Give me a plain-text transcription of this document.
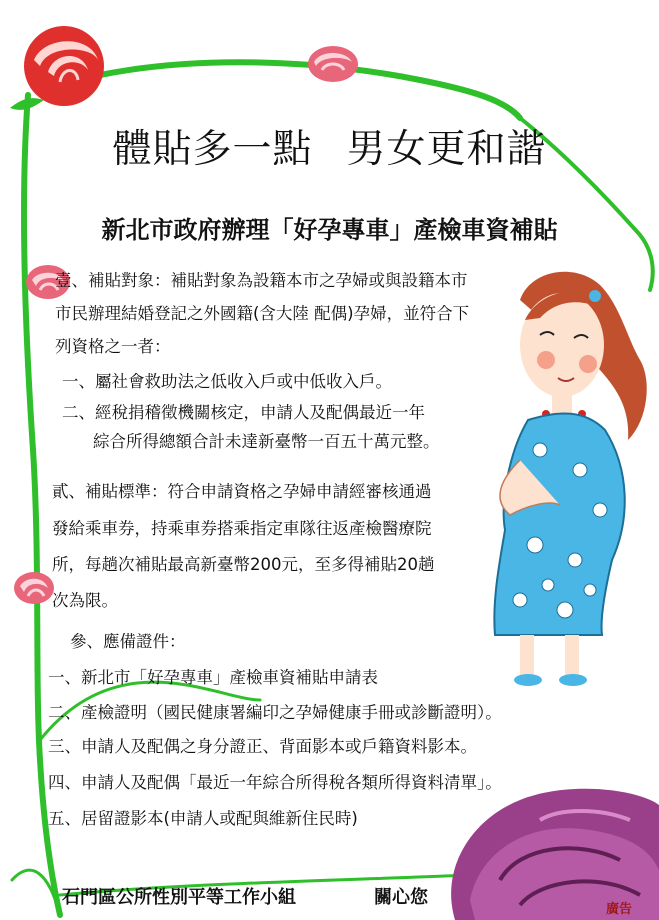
體貼多一點 男女更和諧
新北市政府辦理「好孕專車」產檢車資補貼
壹、補貼對象：補貼對象為設籍本市之孕婦或與設籍本市
市民辦理結婚登記之外國籍(含大陸 配偶)孕婦，並符合下
列資格之一者：
一、屬社會救助法之低收入戶或中低收入戶。
二、經稅捐稽徵機關核定，申請人及配偶最近一年
綜合所得總額合計未達新臺幣一百五十萬元整。
貳、補貼標準：符合申請資格之孕婦申請經審核通過
發給乘車券，持乘車券搭乘指定車隊往返產檢醫療院
所，每趟次補貼最高新臺幣200元，至多得補貼20趟
次為限。
參、應備證件：
一、新北市「好孕專車」產檢車資補貼申請表
二、產檢證明（國民健康署編印之孕婦健康手冊或診斷證明）。
三、申請人及配偶之身分證正、背面影本或戶籍資料影本。
四、申請人及配偶「最近一年綜合所得稅各類所得資料清單」。
五、居留證影本(申請人或配與維新住民時)
石門區公所性別平等工作小組	關心您
廣告
